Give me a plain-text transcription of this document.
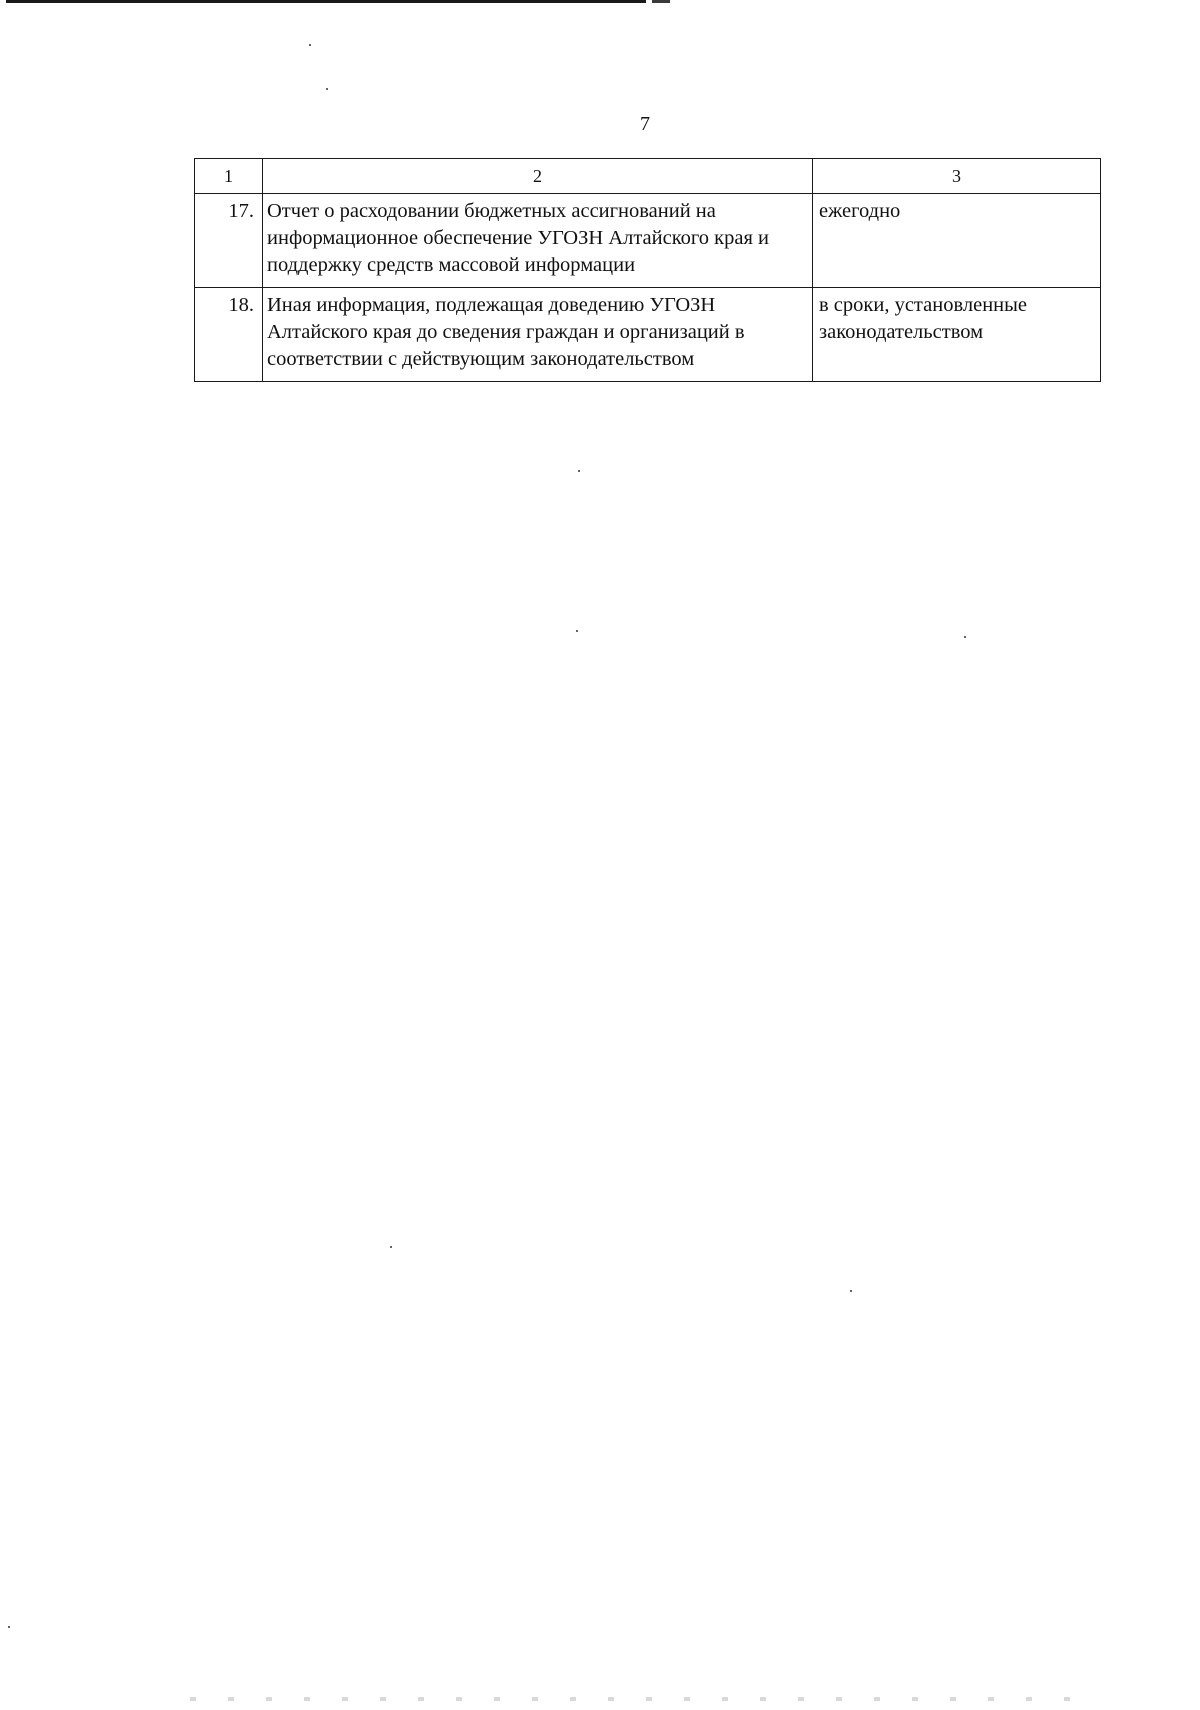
7
1	2	3
17.	Отчет о расходовании бюджетных ассигнований на информационное обеспечение УГОЗН Алтайского края и поддержку средств массовой информации	ежегодно
18.	Иная информация, подлежащая доведению УГОЗН Алтайского края до сведения граждан и организаций в соответствии с действующим законодательством	в сроки, установленные законодательством
